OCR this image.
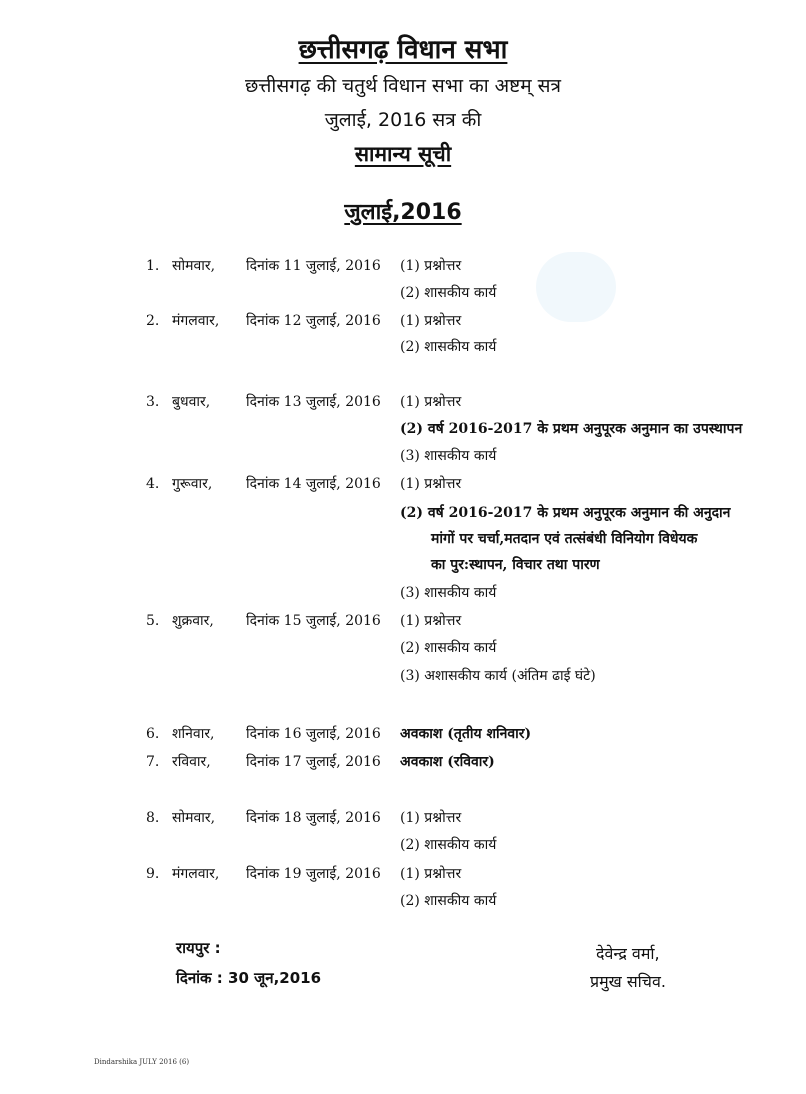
छत्तीसगढ़ विधान सभा
छत्तीसगढ़ की चतुर्थ विधान सभा का अष्टम् सत्र
जुलाई, 2016 सत्र की
सामान्य सूची
जुलाई,2016
1. सोमवार, दिनांक 11 जुलाई, 2016 (1) प्रश्नोत्तर
(2) शासकीय कार्य
2. मंगलवार, दिनांक 12 जुलाई, 2016 (1) प्रश्नोत्तर
(2) शासकीय कार्य
3. बुधवार,	दिनांक 13 जुलाई, 2016 (1) प्रश्नोत्तर
(2) वर्ष 2016-2017 के प्रथम अनुपूरक अनुमान का उपस्थापन
(3) शासकीय कार्य
4. गुरूवार, दिनांक 14 जुलाई, 2016 (1) प्रश्नोत्तर
(2) वर्ष 2016-2017 के प्रथम अनुपूरक अनुमान की अनुदान
मांगों पर चर्चा,मतदान एवं तत्संबंधी विनियोग विधेयक
का पुर:स्थापन, विचार तथा पारण
(3) शासकीय कार्य
5. शुक्रवार, दिनांक 15 जुलाई, 2016 (1) प्रश्नोत्तर
(2) शासकीय कार्य
(3) अशासकीय कार्य (अंतिम ढाई घंटे)
6. शनिवार, दिनांक 16 जुलाई, 2016 अवकाश (तृतीय शनिवार)
7. रविवार,	दिनांक 17 जुलाई, 2016 अवकाश (रविवार)
8. सोमवार, दिनांक 18 जुलाई, 2016 (1) प्रश्नोत्तर
(2) शासकीय कार्य
9. मंगलवार, दिनांक 19 जुलाई, 2016 (1) प्रश्नोत्तर
(2) शासकीय कार्य
रायपुर :
दिनांक : 30 जून,2016
देवेन्द्र वर्मा,
प्रमुख सचिव.
Dindarshika JULY 2016 (6)
